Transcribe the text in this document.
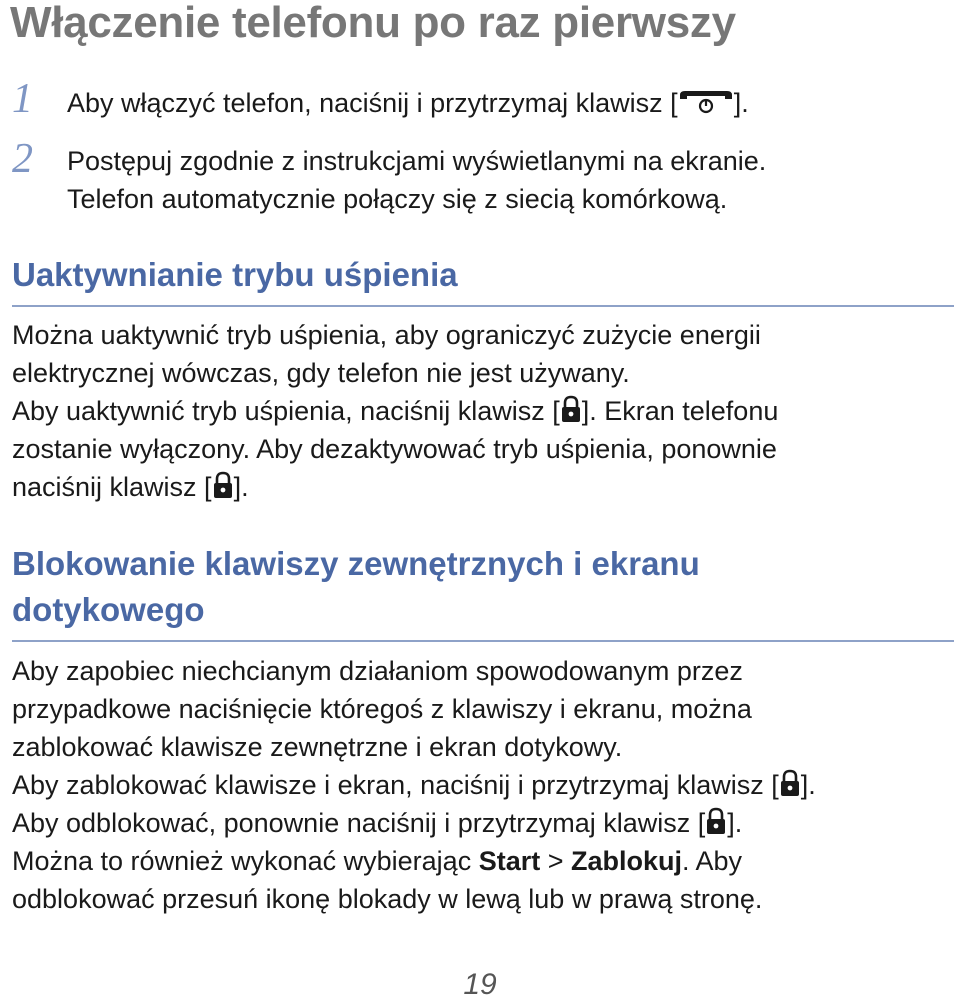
Włączenie telefonu po raz pierwszy
1 Aby włączyć telefon, naciśnij i przytrzymaj klawisz [ ].
2 Postępuj zgodnie z instrukcjami wyświetlanymi na ekranie.
Telefon automatycznie połączy się z siecią komórkową.
Uaktywnianie trybu uśpienia
Można uaktywnić tryb uśpienia, aby ograniczyć zużycie energii
elektrycznej wówczas, gdy telefon nie jest używany.
Aby uaktywnić tryb uśpienia, naciśnij klawisz [ ]. Ekran telefonu
zostanie wyłączony. Aby dezaktywować tryb uśpienia, ponownie
naciśnij klawisz [ ].
Blokowanie klawiszy zewnętrznych i ekranu
dotykowego
Aby zapobiec niechcianym działaniom spowodowanym przez
przypadkowe naciśnięcie któregoś z klawiszy i ekranu, można
zablokować klawisze zewnętrzne i ekran dotykowy.
Aby zablokować klawisze i ekran, naciśnij i przytrzymaj klawisz [ ].
Aby odblokować, ponownie naciśnij i przytrzymaj klawisz [ ].
Można to również wykonać wybierając Start > Zablokuj. Aby
odblokować przesuń ikonę blokady w lewą lub w prawą stronę.
19
